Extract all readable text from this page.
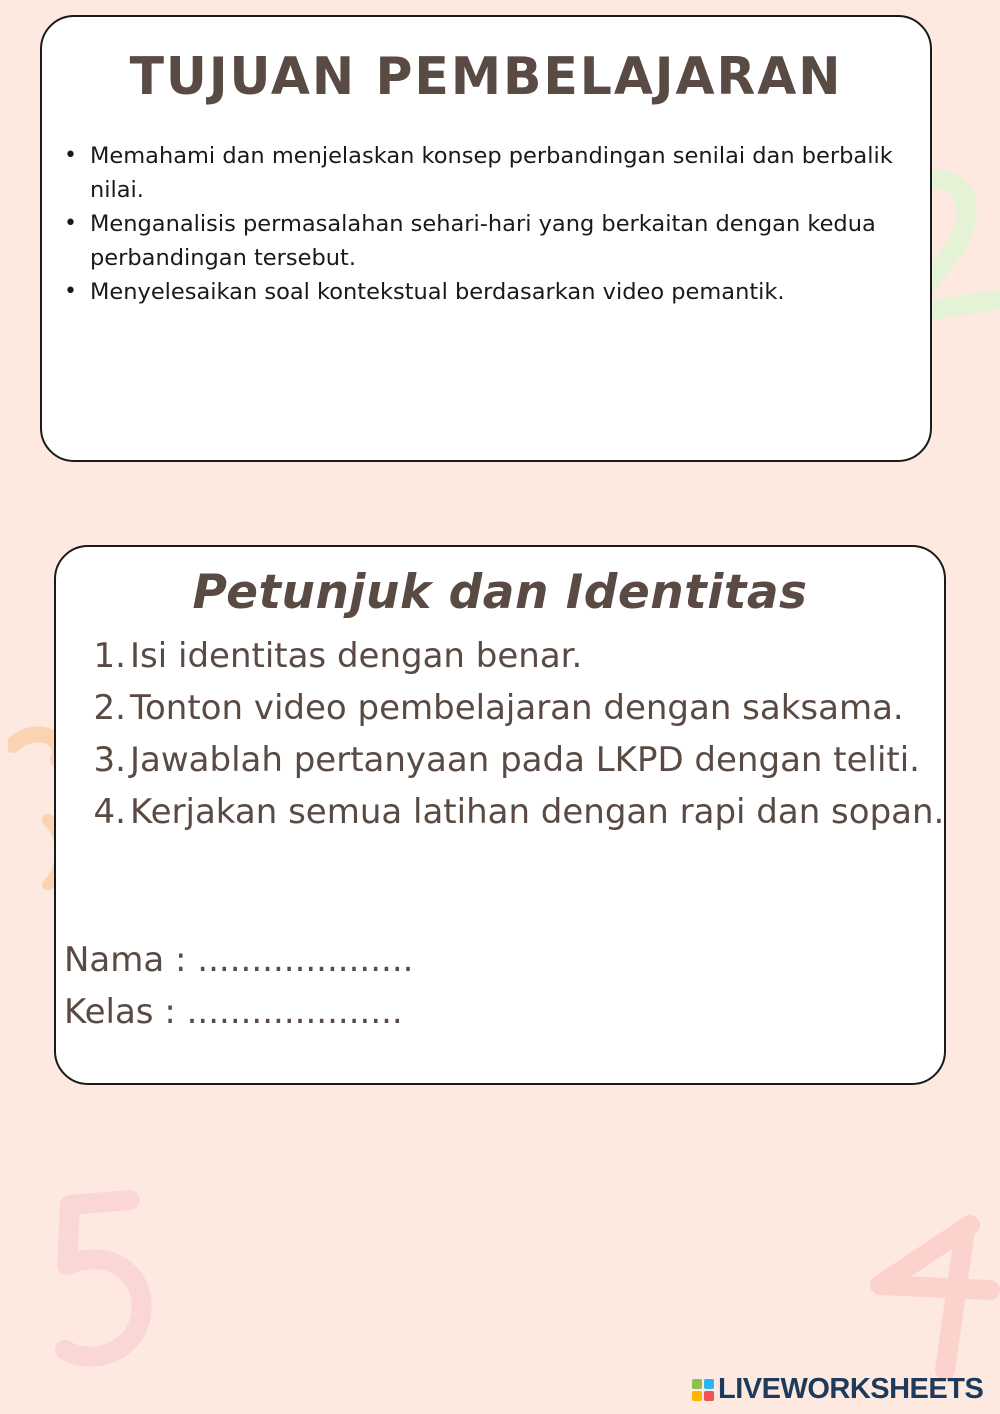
TUJUAN PEMBELAJARAN
• Memahami dan menjelaskan konsep perbandingan senilai dan berbalik nilai.
• Menganalisis permasalahan sehari-hari yang berkaitan dengan kedua perbandingan tersebut.
• Menyelesaikan soal kontekstual berdasarkan video pemantik.
Petunjuk dan Identitas
1. Isi identitas dengan benar.
2. Tonton video pembelajaran dengan saksama.
3. Jawablah pertanyaan pada LKPD dengan teliti.
4. Kerjakan semua latihan dengan rapi dan sopan.
Nama : ....................
Kelas : ....................
LIVEWORKSHEETS
